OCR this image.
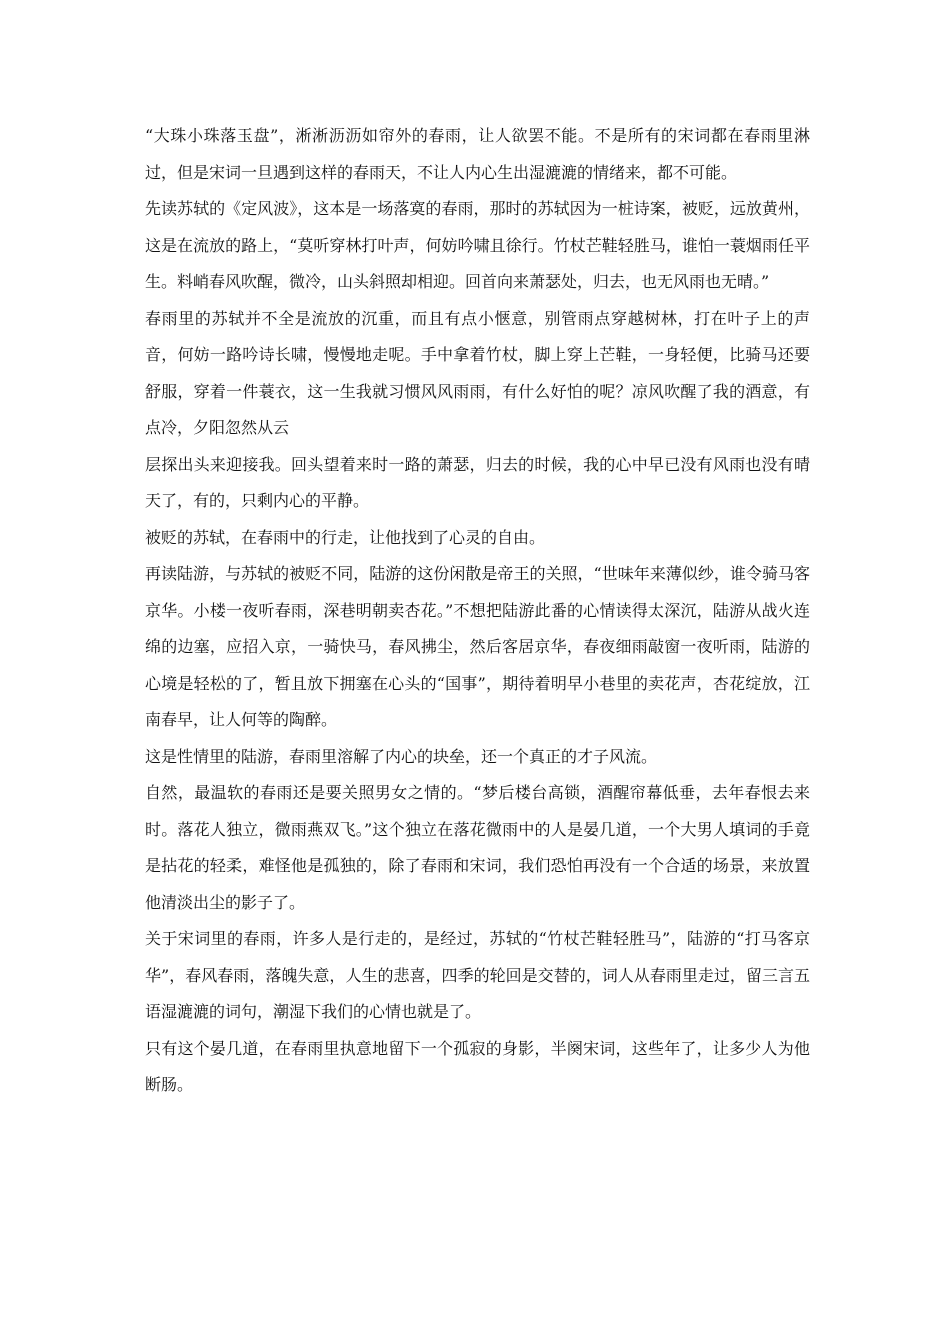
“大珠小珠落玉盘”，淅淅沥沥如帘外的春雨，让人欲罢不能。不是所有的宋词都在春雨里淋过，但是宋词一旦遇到这样的春雨天，不让人内心生出湿漉漉的情绪来，都不可能。

先读苏轼的《定风波》，这本是一场落寞的春雨，那时的苏轼因为一桩诗案，被贬，远放黄州，这是在流放的路上，“莫听穿林打叶声，何妨吟啸且徐行。竹杖芒鞋轻胜马，谁怕一蓑烟雨任平生。料峭春风吹醒，微冷，山头斜照却相迎。回首向来萧瑟处，归去，也无风雨也无晴。”

春雨里的苏轼并不全是流放的沉重，而且有点小惬意，别管雨点穿越树林，打在叶子上的声音，何妨一路吟诗长啸，慢慢地走呢。手中拿着竹杖，脚上穿上芒鞋，一身轻便，比骑马还要舒服，穿着一件蓑衣，这一生我就习惯风风雨雨，有什么好怕的呢？凉风吹醒了我的酒意，有点冷，夕阳忽然从云

层探出头来迎接我。回头望着来时一路的萧瑟，归去的时候，我的心中早已没有风雨也没有晴天了，有的，只剩内心的平静。

被贬的苏轼，在春雨中的行走，让他找到了心灵的自由。

再读陆游，与苏轼的被贬不同，陆游的这份闲散是帝王的关照，“世味年来薄似纱，谁令骑马客京华。小楼一夜听春雨，深巷明朝卖杏花。”不想把陆游此番的心情读得太深沉，陆游从战火连绵的边塞，应招入京，一骑快马，春风拂尘，然后客居京华，春夜细雨敲窗一夜听雨，陆游的心境是轻松的了，暂且放下拥塞在心头的“国事”，期待着明早小巷里的卖花声，杏花绽放，江南春早，让人何等的陶醉。

这是性情里的陆游，春雨里溶解了内心的块垒，还一个真正的才子风流。

自然，最温软的春雨还是要关照男女之情的。“梦后楼台高锁，酒醒帘幕低垂，去年春恨去来时。落花人独立，微雨燕双飞。”这个独立在落花微雨中的人是晏几道，一个大男人填词的手竟是拈花的轻柔，难怪他是孤独的，除了春雨和宋词，我们恐怕再没有一个合适的场景，来放置他清淡出尘的影子了。

关于宋词里的春雨，许多人是行走的，是经过，苏轼的“竹杖芒鞋轻胜马”，陆游的“打马客京华”，春风春雨，落魄失意，人生的悲喜，四季的轮回是交替的，词人从春雨里走过，留三言五语湿漉漉的词句，潮湿下我们的心情也就是了。

只有这个晏几道，在春雨里执意地留下一个孤寂的身影，半阕宋词，这些年了，让多少人为他断肠。
